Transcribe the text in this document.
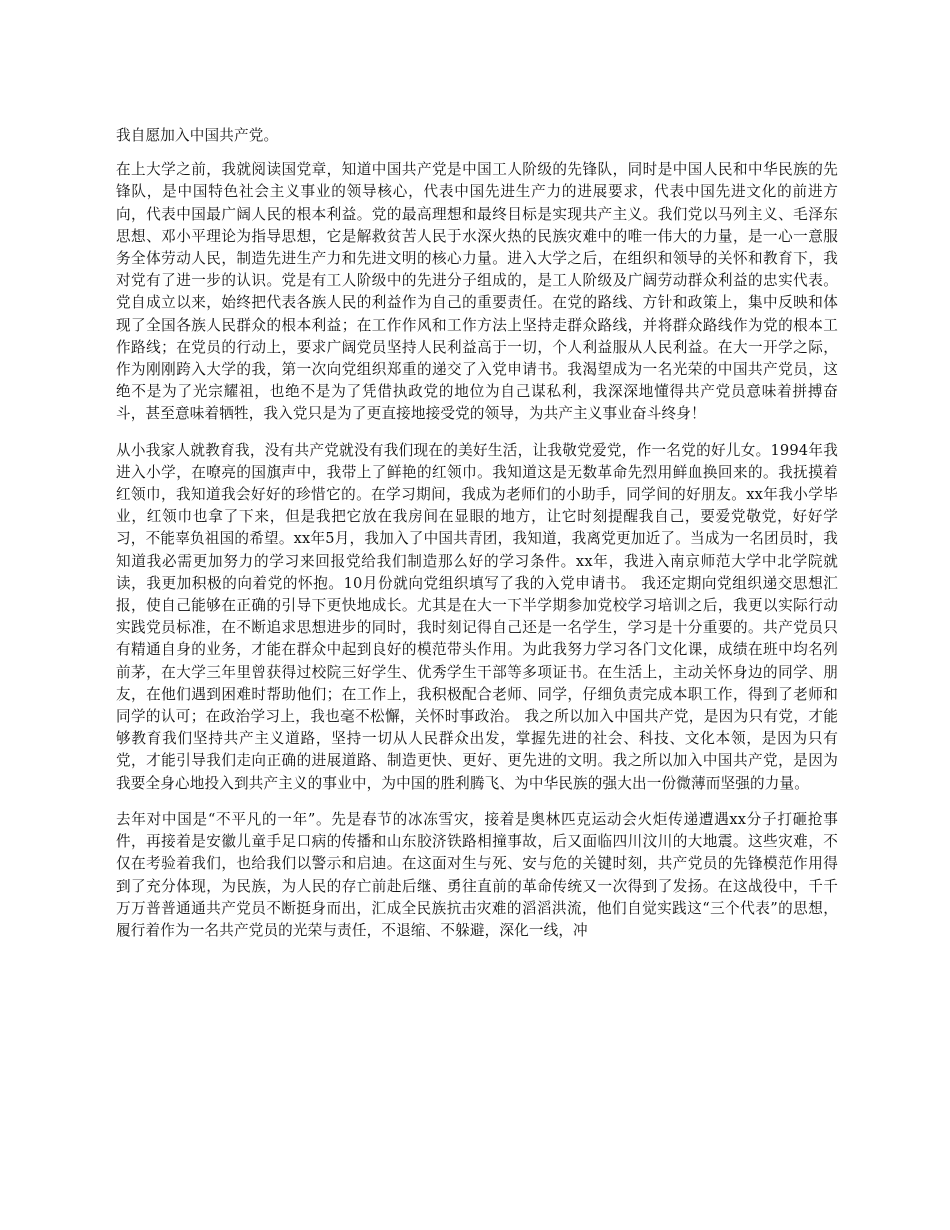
我自愿加入中国共产党。

在上大学之前，我就阅读国党章，知道中国共产党是中国工人阶级的先锋队，同时是中国人民和中华民族的先锋队，是中国特色社会主义事业的领导核心，代表中国先进生产力的进展要求，代表中国先进文化的前进方向，代表中国最广阔人民的根本利益。党的最高理想和最终目标是实现共产主义。我们党以马列主义、毛泽东思想、邓小平理论为指导思想，它是解救贫苦人民于水深火热的民族灾难中的唯一伟大的力量，是一心一意服务全体劳动人民，制造先进生产力和先进文明的核心力量。进入大学之后，在组织和领导的关怀和教育下，我对党有了进一步的认识。党是有工人阶级中的先进分子组成的，是工人阶级及广阔劳动群众利益的忠实代表。党自成立以来，始终把代表各族人民的利益作为自己的重要责任。在党的路线、方针和政策上，集中反映和体现了全国各族人民群众的根本利益；在工作作风和工作方法上坚持走群众路线，并将群众路线作为党的根本工作路线；在党员的行动上，要求广阔党员坚持人民利益高于一切，个人利益服从人民利益。在大一开学之际，作为刚刚跨入大学的我，第一次向党组织郑重的递交了入党申请书。我渴望成为一名光荣的中国共产党员，这绝不是为了光宗耀祖，也绝不是为了凭借执政党的地位为自己谋私利，我深深地懂得共产党员意味着拼搏奋斗，甚至意味着牺牲，我入党只是为了更直接地接受党的领导，为共产主义事业奋斗终身！

从小我家人就教育我，没有共产党就没有我们现在的美好生活，让我敬党爱党，作一名党的好儿女。1994年我进入小学，在嘹亮的国旗声中，我带上了鲜艳的红领巾。我知道这是无数革命先烈用鲜血换回来的。我抚摸着红领巾，我知道我会好好的珍惜它的。在学习期间，我成为老师们的小助手，同学间的好朋友。xx年我小学毕业，红领巾也拿了下来，但是我把它放在我房间在显眼的地方，让它时刻提醒我自己，要爱党敬党，好好学习，不能辜负祖国的希望。xx年5月，我加入了中国共青团，我知道，我离党更加近了。当成为一名团员时，我知道我必需更加努力的学习来回报党给我们制造那么好的学习条件。xx年，我进入南京师范大学中北学院就读，我更加积极的向着党的怀抱。10月份就向党组织填写了我的入党申请书。 我还定期向党组织递交思想汇报，使自己能够在正确的引导下更快地成长。尤其是在大一下半学期参加党校学习培训之后，我更以实际行动实践党员标准，在不断追求思想进步的同时，我时刻记得自己还是一名学生，学习是十分重要的。共产党员只有精通自身的业务，才能在群众中起到良好的模范带头作用。为此我努力学习各门文化课，成绩在班中均名列前茅，在大学三年里曾获得过校院三好学生、优秀学生干部等多项证书。在生活上，主动关怀身边的同学、朋友，在他们遇到困难时帮助他们；在工作上，我积极配合老师、同学，仔细负责完成本职工作，得到了老师和同学的认可；在政治学习上，我也毫不松懈，关怀时事政治。 我之所以加入中国共产党，是因为只有党，才能够教育我们坚持共产主义道路，坚持一切从人民群众出发，掌握先进的社会、科技、文化本领，是因为只有党，才能引导我们走向正确的进展道路、制造更快、更好、更先进的文明。我之所以加入中国共产党，是因为我要全身心地投入到共产主义的事业中，为中国的胜利腾飞、为中华民族的强大出一份微薄而坚强的力量。

去年对中国是“不平凡的一年”。先是春节的冰冻雪灾，接着是奥林匹克运动会火炬传递遭遇xx分子打砸抢事件，再接着是安徽儿童手足口病的传播和山东胶济铁路相撞事故，后又面临四川汶川的大地震。这些灾难，不仅在考验着我们，也给我们以警示和启迪。在这面对生与死、安与危的关键时刻，共产党员的先锋模范作用得到了充分体现，为民族，为人民的存亡前赴后继、勇往直前的革命传统又一次得到了发扬。在这战役中，千千万万普普通通共产党员不断挺身而出，汇成全民族抗击灾难的滔滔洪流，他们自觉实践这“三个代表”的思想，履行着作为一名共产党员的光荣与责任，不退缩、不躲避，深化一线，冲
